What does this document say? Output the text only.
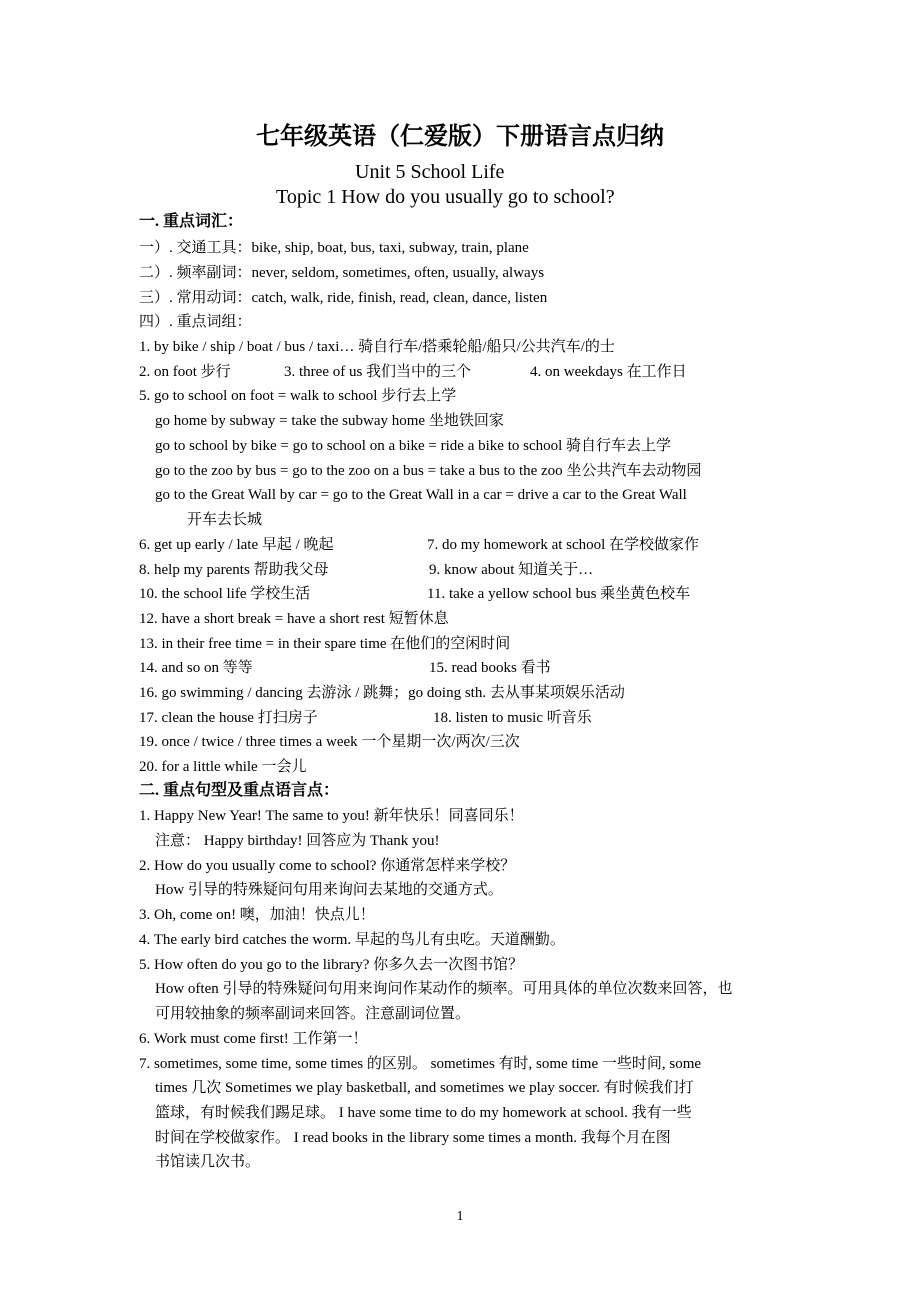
七年级英语（仁爱版）下册语言点归纳
Unit 5 School Life
Topic 1 How do you usually go to school?
一. 重点词汇：
一）. 交通工具：bike, ship, boat, bus, taxi, subway, train, plane
二）. 频率副词：never, seldom, sometimes, often, usually, always
三）. 常用动词：catch, walk, ride, finish, read, clean, dance, listen
四）. 重点词组：
1. by bike / ship / boat / bus / taxi… 骑自行车/搭乘轮船/船只/公共汽车/的士
2. on foot 步行	3. three of us 我们当中的三个	4. on weekdays 在工作日
5. go to school on foot = walk to school 步行去上学
go home by subway = take the subway home 坐地铁回家
go to school by bike = go to school on a bike = ride a bike to school 骑自行车去上学
go to the zoo by bus = go to the zoo on a bus = take a bus to the zoo 坐公共汽车去动物园
go to the Great Wall by car = go to the Great Wall in a car = drive a car to the Great Wall
开车去长城
6. get up early / late 早起 / 晚起	7. do my homework at school 在学校做家作
8. help my parents 帮助我父母	9. know about 知道关于…
10. the school life 学校生活	11. take a yellow school bus 乘坐黄色校车
12. have a short break = have a short rest 短暂休息
13. in their free time = in their spare time 在他们的空闲时间
14. and so on 等等	15. read books 看书
16. go swimming / dancing 去游泳 / 跳舞；go doing sth. 去从事某项娱乐活动
17. clean the house 打扫房子	18. listen to music 听音乐
19. once / twice / three times a week 一个星期一次/两次/三次
20. for a little while 一会儿
二. 重点句型及重点语言点：
1. Happy New Year! The same to you! 新年快乐！同喜同乐！
注意： Happy birthday! 回答应为 Thank you!
2. How do you usually come to school? 你通常怎样来学校？
How 引导的特殊疑问句用来询问去某地的交通方式。
3. Oh, come on! 噢，加油！快点儿！
4. The early bird catches the worm. 早起的鸟儿有虫吃。天道酬勤。
5. How often do you go to the library? 你多久去一次图书馆？
How often 引导的特殊疑问句用来询问作某动作的频率。可用具体的单位次数来回答，也
可用较抽象的频率副词来回答。注意副词位置。
6. Work must come first! 工作第一！
7. sometimes, some time, some times 的区别。 sometimes 有时, some time 一些时间, some
times 几次 Sometimes we play basketball, and sometimes we play soccer. 有时候我们打
篮球，有时候我们踢足球。 I have some time to do my homework at school. 我有一些
时间在学校做家作。 I read books in the library some times a month. 我每个月在图
书馆读几次书。
1
